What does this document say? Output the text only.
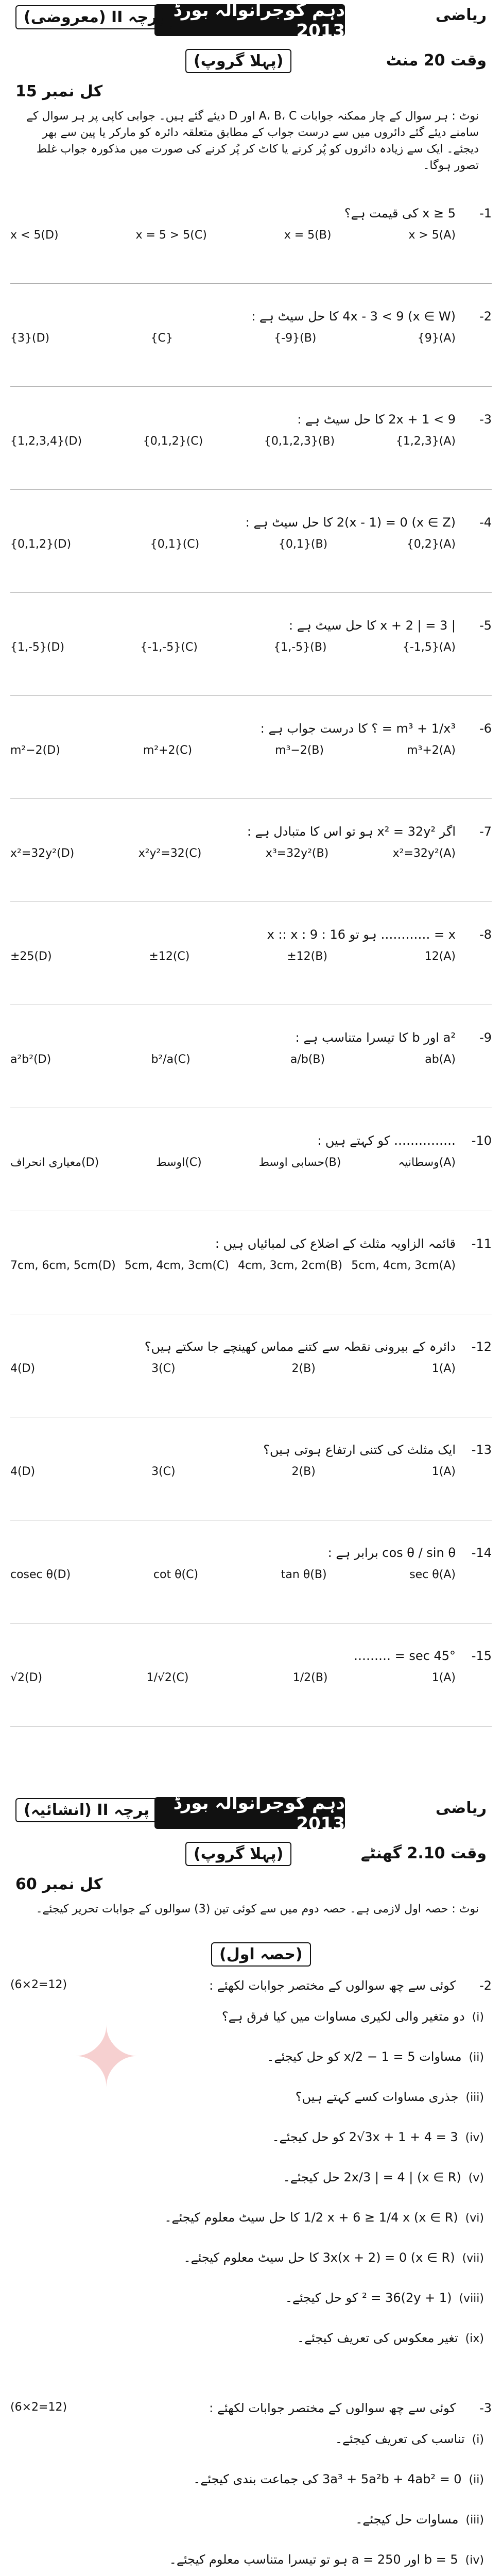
دہم گوجرانوالہ بورڈ 2013
ریاضی
پرچہ II (معروضی)
وقت 20 منٹ
(پہلا گروپ)
کل نمبر 15
نوٹ : ہر سوال کے چار ممکنہ جوابات A، B، C اور D دیئے گئے ہیں۔ جوابی کاپی پر ہر سوال کے سامنے دیئے گئے دائروں میں سے درست جواب کے مطابق متعلقہ دائرہ کو مارکر یا پین سے بھر دیجئے۔ ایک سے زیادہ دائروں کو پُر کرنے یا کاٹ کر پُر کرنے کی صورت میں مذکورہ جواب غلط تصور ہوگا۔
-1
x ≥ 5 کی قیمت ہے؟
x > 5(A)
x = 5(B)
x = 5 > 5(C)
x < 5(D)
-2
(x ∈ W) 4x - 3 < 9 کا حل سیٹ ہے :
{9}(A)
{-9}(B)
{C}
{3}(D)
-3
2x + 1 < 9 کا حل سیٹ ہے :
{1,2,3}(A)
{0,1,2,3}(B)
{0,1,2}(C)
{1,2,3,4}(D)
-4
(x ∈ Z) 2(x - 1) = 0 کا حل سیٹ ہے :
{0,2}(A)
{0,1}(B)
{0,1}(C)
{0,1,2}(D)
-5
| x + 2 | = 3 کا حل سیٹ ہے :
{-1,5}(A)
{1,-5}(B)
{-1,-5}(C)
{1,-5}(D)
-6
m³ + 1/x³ = ؟ کا درست جواب ہے :
m³+2(A)
m³−2(B)
m²+2(C)
m²−2(D)
-7
اگر x² = 32y² ہو تو اس کا متبادل ہے :
x²=32y²(A)
x³=32y²(B)
x²y²=32(C)
x²=32y²(D)
-8
x = ………… ہو تو 16 : x :: x : 9
12(A)
±12(B)
±12(C)
±25(D)
-9
a² اور b کا تیسرا متناسب ہے :
ab(A)
a/b(B)
b²/a(C)
a²b²(D)
-10
…………… کو کہتے ہیں :
وسطانیہ(A)
حسابی اوسط(B)
اوسط(C)
معیاری انحراف(D)
-11
قائمہ الزاویہ مثلث کے اضلاع کی لمبائیاں ہیں :
5cm, 4cm, 3cm(A)
4cm, 3cm, 2cm(B)
5cm, 4cm, 3cm(C)
7cm, 6cm, 5cm(D)
-12
دائرہ کے بیرونی نقطہ سے کتنے مماس کھینچے جا سکتے ہیں؟
1(A)
2(B)
3(C)
4(D)
-13
ایک مثلث کی کتنی ارتفاع ہوتی ہیں؟
1(A)
2(B)
3(C)
4(D)
-14
cos θ / sin θ برابر ہے :
sec θ(A)
tan θ(B)
cot θ(C)
cosec θ(D)
-15
sec 45° = ………
1(A)
1/2(B)
1/√2(C)
√2(D)
دہم گوجرانوالہ بورڈ 2013
ریاضی
پرچہ II (انشائیہ)
وقت 2.10 گھنٹے
(پہلا گروپ)
کل نمبر 60
نوٹ : حصہ اول لازمی ہے۔ حصہ دوم میں سے کوئی تین (3) سوالوں کے جوابات تحریر کیجئے۔
(حصہ اول)
-2
کوئی سے چھ سوالوں کے مختصر جوابات لکھئے :
(6×2=12)
(i)دو متغیر والی لکیری مساوات میں کیا فرق ہے؟
(ii)مساوات 5 = 1 − x/2 کو حل کیجئے۔
(iii)جذری مساوات کسے کہتے ہیں؟
(iv)2√3x + 1 + 4 = 3 کو حل کیجئے۔
(v)(x ∈ R) | 2x/3 | = 4 حل کیجئے۔
(vi)(x ∈ R) 1/2 x + 6 ≥ 1/4 x کا حل سیٹ معلوم کیجئے۔
(vii)(x ∈ R) 3x(x + 2) = 0 کا حل سیٹ معلوم کیجئے۔
(viii)(2y + 1)² = 36 کو حل کیجئے۔
(ix)تغیر معکوس کی تعریف کیجئے۔
-3
کوئی سے چھ سوالوں کے مختصر جوابات لکھئے :
(6×2=12)
(i)تناسب کی تعریف کیجئے۔
(ii)3a³ + 5a²b + 4ab² = 0 کی جماعت بندی کیجئے۔
(iii)مساوات حل کیجئے۔
(iv)b = 5 اور a = 250 ہو تو تیسرا متناسب معلوم کیجئے۔
✦
